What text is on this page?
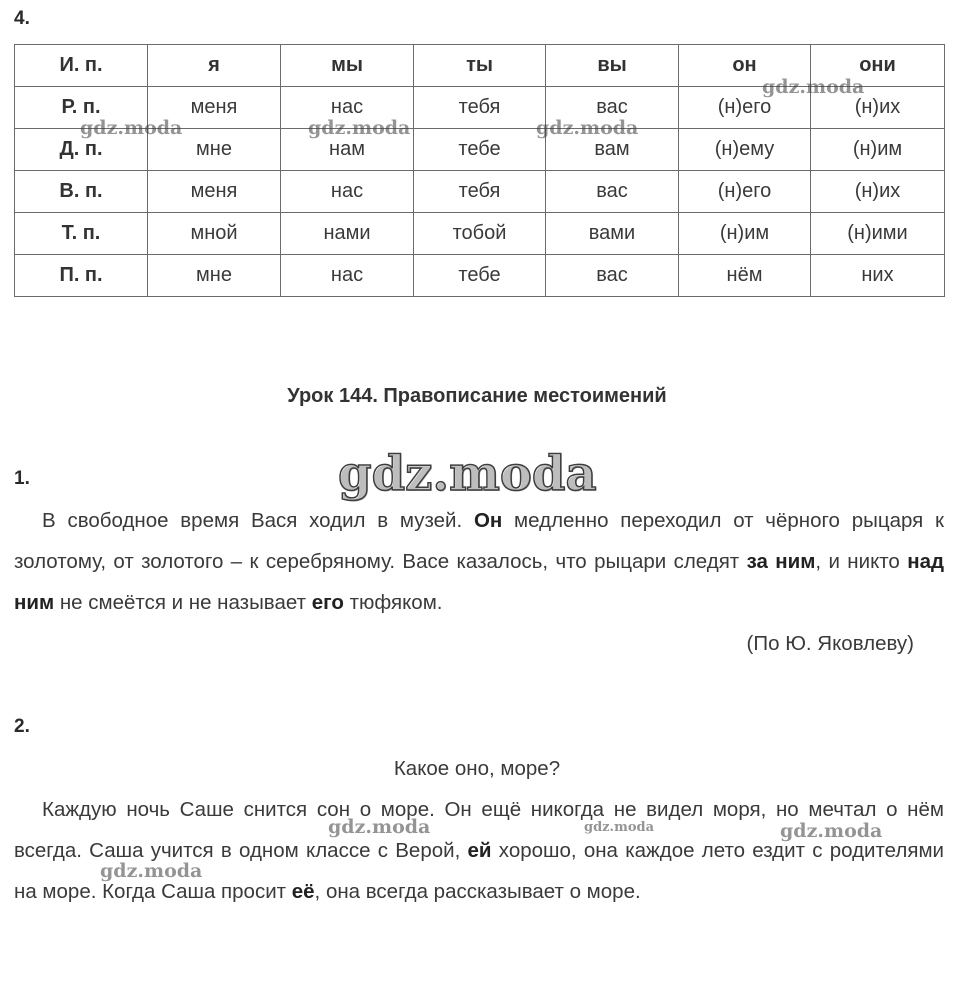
4.
И. п.	я	мы	ты	вы	он	они
Р. п.	меня	нас	тебя	вас	(н)его	(н)их
Д. п.	мне	нам	тебе	вам	(н)ему	(н)им
В. п.	меня	нас	тебя	вас	(н)его	(н)их
Т. п.	мной	нами	тобой	вами	(н)им	(н)ими
П. п.	мне	нас	тебе	вас	нём	них
Урок 144. Правописание местоимений
1.
В свободное время Вася ходил в музей. Он медленно переходил от чёрного рыцаря к золотому, от золотого – к серебряному. Васе казалось, что рыцари следят за ним, и никто над ним не смеётся и не называет его тюфяком.
(По Ю. Яковлеву)
2.
Какое оно, море?
Каждую ночь Саше снится сон о море. Он ещё никогда не видел моря, но мечтал о нём всегда. Саша учится в одном классе с Верой, ей хорошо, она каждое лето ездит с родителями на море. Когда Саша просит её, она всегда рассказывает о море.
gdz.moda
gdz.moda	gdz.moda	gdz.moda
gdz.moda
gdz.moda	gdz.moda	gdz.moda
gdz.moda
